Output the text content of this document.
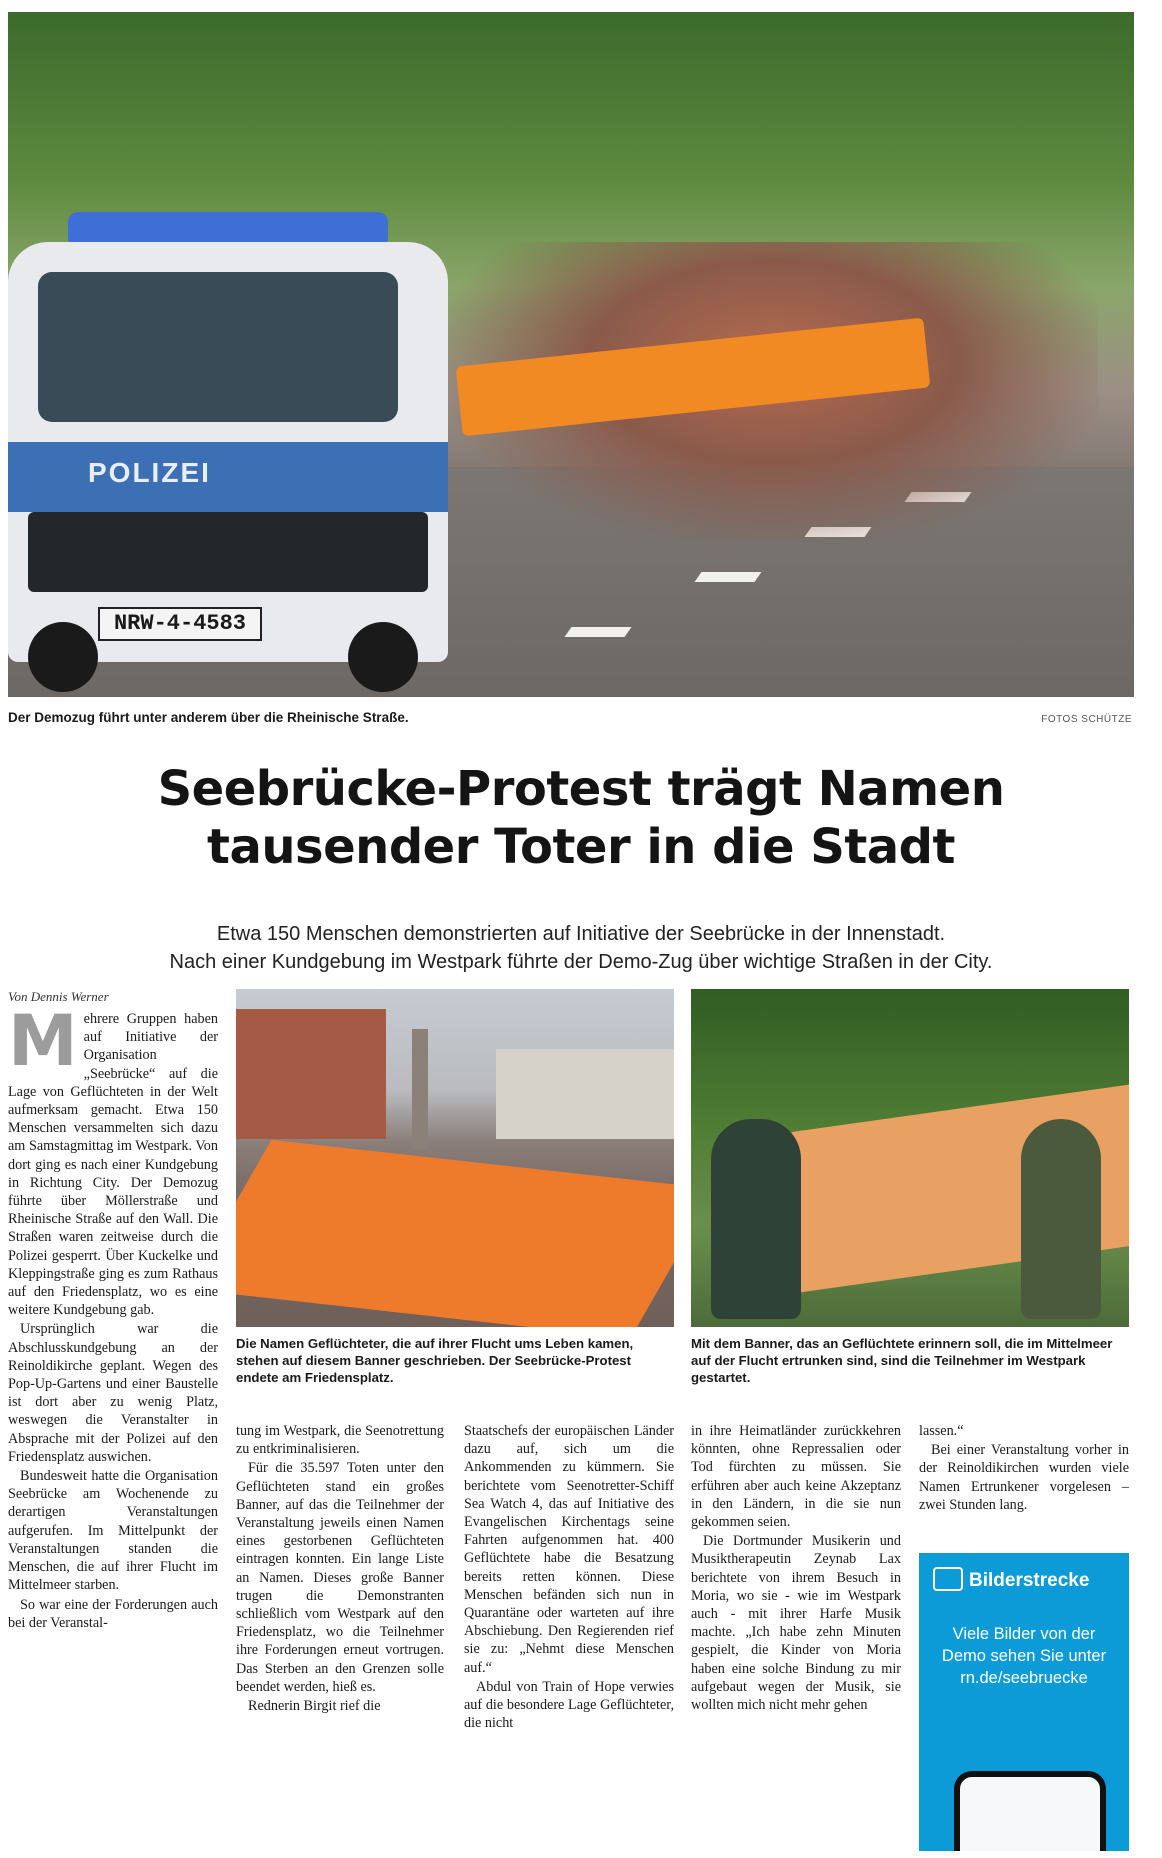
POLIZEI
NRW-4-4583
Der Demozug führt unter anderem über die Rheinische Straße.	FOTOS SCHÜTZE
Seebrücke-Protest trägt Namen
tausender Toter in die Stadt
Etwa 150 Menschen demonstrierten auf Initiative der Seebrücke in der Innenstadt.
Nach einer Kundgebung im Westpark führte der Demo-Zug über wichtige Straßen in der City.
Von Dennis Werner

Mehrere Gruppen haben auf Initiative der Organisation „Seebrücke“ auf die Lage von Geflüchteten in der Welt aufmerksam gemacht. Etwa 150 Menschen versammelten sich dazu am Samstagmittag im Westpark. Von dort ging es nach einer Kundgebung in Richtung City. Der Demozug führte über Möllerstraße und Rheinische Straße auf den Wall. Die Straßen waren zeitweise durch die Polizei gesperrt. Über Kuckelke und Kleppingstraße ging es zum Rathaus auf den Friedensplatz, wo es eine weitere Kundgebung gab.

Ursprünglich war die Abschlusskundgebung an der Reinoldikirche geplant. Wegen des Pop-Up-Gartens und einer Baustelle ist dort aber zu wenig Platz, weswegen die Veranstalter in Absprache mit der Polizei auf den Friedensplatz auswichen.

Bundesweit hatte die Organisation Seebrücke am Wochenende zu derartigen Veranstaltungen aufgerufen. Im Mittelpunkt der Veranstaltungen standen die Menschen, die auf ihrer Flucht im Mittelmeer starben.

So war eine der Forderungen auch bei der Veranstal-

Die Namen Geflüchteter, die auf ihrer Flucht ums Leben kamen, stehen auf diesem Banner geschrieben. Der Seebrücke-Protest endete am Friedensplatz.
Mit dem Banner, das an Geflüchtete erinnern soll, die im Mittelmeer auf der Flucht ertrunken sind, sind die Teilnehmer im Westpark gestartet.

tung im Westpark, die Seenotrettung zu entkriminalisieren.

Für die 35.597 Toten unter den Geflüchteten stand ein großes Banner, auf das die Teilnehmer der Veranstaltung jeweils einen Namen eines gestorbenen Geflüchteten eintragen konnten. Ein lange Liste an Namen. Dieses große Banner trugen die Demonstranten schließlich vom Westpark auf den Friedensplatz, wo die Teilnehmer ihre Forderungen erneut vortrugen. Das Sterben an den Grenzen solle beendet werden, hieß es.

Rednerin Birgit rief die

Staatschefs der europäischen Länder dazu auf, sich um die Ankommenden zu kümmern. Sie berichtete vom Seenotretter-Schiff Sea Watch 4, das auf Initiative des Evangelischen Kirchentags seine Fahrten aufgenommen hat. 400 Geflüchtete habe die Besatzung bereits retten können. Diese Menschen befänden sich nun in Quarantäne oder warteten auf ihre Abschiebung. Den Regierenden rief sie zu: „Nehmt diese Menschen auf.“

Abdul von Train of Hope verwies auf die besondere Lage Geflüchteter, die nicht

in ihre Heimatländer zurückkehren könnten, ohne Repressalien oder Tod fürchten zu müssen. Sie erführen aber auch keine Akzeptanz in den Ländern, in die sie nun gekommen seien.

Die Dortmunder Musikerin und Musiktherapeutin Zeynab Lax berichtete von ihrem Besuch in Moria, wo sie - wie im Westpark auch - mit ihrer Harfe Musik machte. „Ich habe zehn Minuten gespielt, die Kinder von Moria haben eine solche Bindung zu mir aufgebaut wegen der Musik, sie wollten mich nicht mehr gehen

lassen.“

Bei einer Veranstaltung vorher in der Reinoldikirchen wurden viele Namen Ertrunkener vorgelesen – zwei Stunden lang.

Bilderstrecke
Viele Bilder von der Demo sehen Sie unter rn.de/seebruecke
